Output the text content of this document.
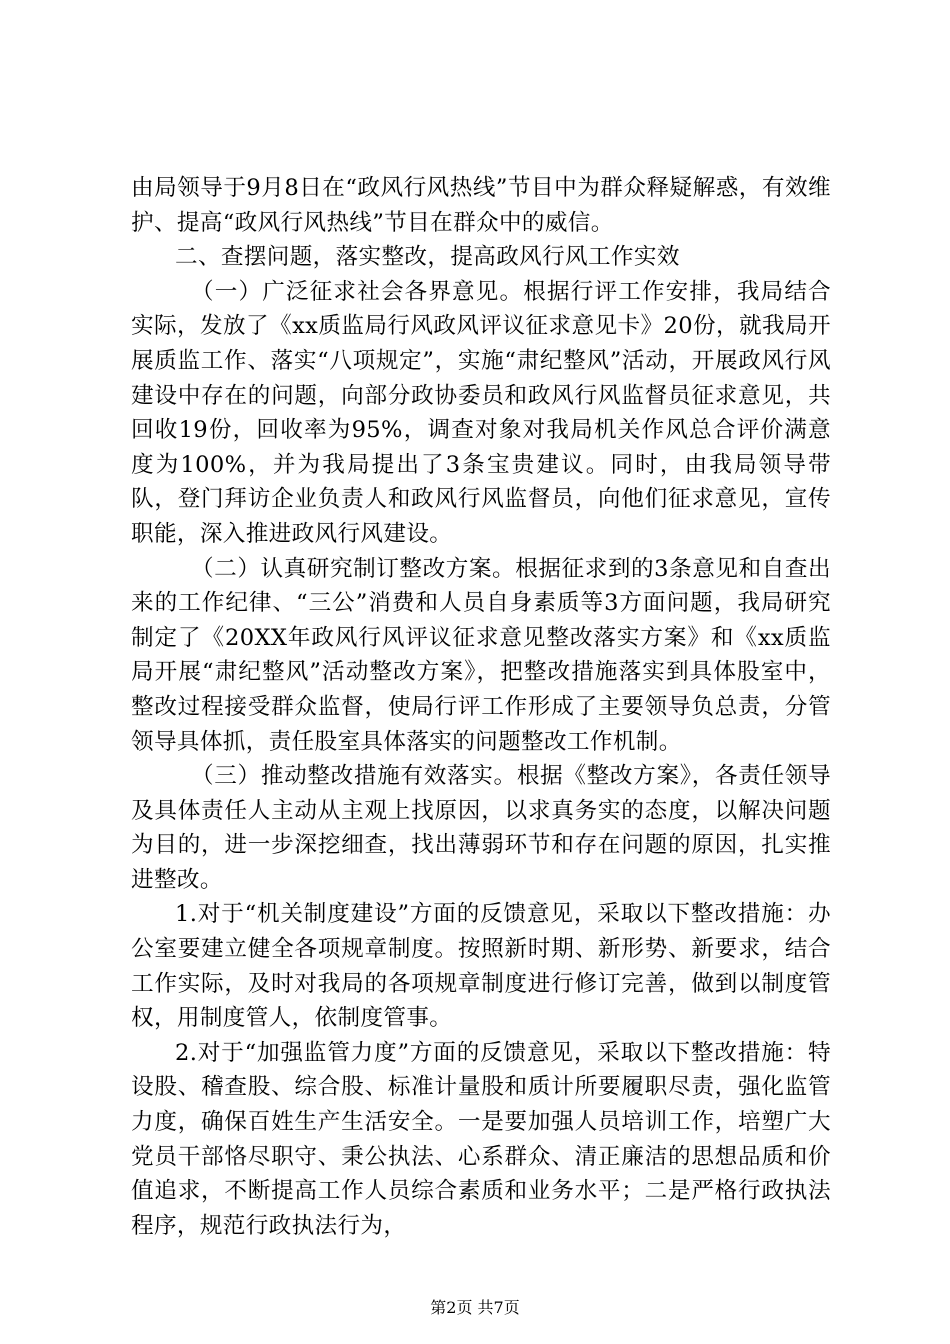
由局领导于9月8日在“政风行风热线”节目中为群众释疑解惑，有效维护、提高“政风行风热线”节目在群众中的威信。

二、查摆问题，落实整改，提高政风行风工作实效

（一）广泛征求社会各界意见。根据行评工作安排，我局结合实际，发放了《xx质监局行风政风评议征求意见卡》20份，就我局开展质监工作、落实“八项规定”，实施“肃纪整风”活动，开展政风行风建设中存在的问题，向部分政协委员和政风行风监督员征求意见，共回收19份，回收率为95%，调查对象对我局机关作风总合评价满意度为100%，并为我局提出了3条宝贵建议。同时，由我局领导带队，登门拜访企业负责人和政风行风监督员，向他们征求意见，宣传职能，深入推进政风行风建设。

（二）认真研究制订整改方案。根据征求到的3条意见和自查出来的工作纪律、“三公”消费和人员自身素质等3方面问题，我局研究制定了《20XX年政风行风评议征求意见整改落实方案》和《xx质监局开展“肃纪整风”活动整改方案》，把整改措施落实到具体股室中，整改过程接受群众监督，使局行评工作形成了主要领导负总责，分管领导具体抓，责任股室具体落实的问题整改工作机制。

（三）推动整改措施有效落实。根据《整改方案》，各责任领导及具体责任人主动从主观上找原因，以求真务实的态度，以解决问题为目的，进一步深挖细查，找出薄弱环节和存在问题的原因，扎实推进整改。

1.对于“机关制度建设”方面的反馈意见，采取以下整改措施：办公室要建立健全各项规章制度。按照新时期、新形势、新要求，结合工作实际，及时对我局的各项规章制度进行修订完善，做到以制度管权，用制度管人，依制度管事。

2.对于“加强监管力度”方面的反馈意见，采取以下整改措施：特设股、稽查股、综合股、标准计量股和质计所要履职尽责，强化监管力度，确保百姓生产生活安全。一是要加强人员培训工作，培塑广大党员干部恪尽职守、秉公执法、心系群众、清正廉洁的思想品质和价值追求，不断提高工作人员综合素质和业务水平；二是严格行政执法程序，规范行政执法行为，

第2页 共7页
